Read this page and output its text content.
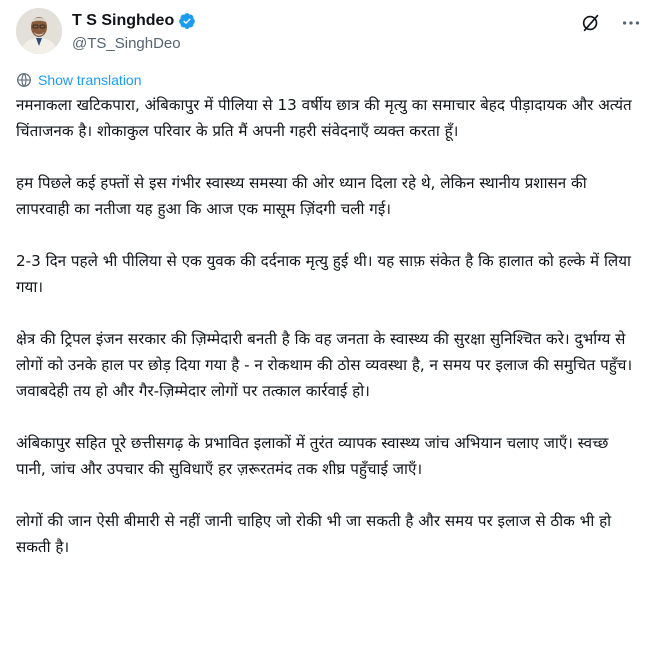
T S Singhdeo
@TS_SinghDeo
Show translation

नमनाकला खटिकपारा, अंबिकापुर में पीलिया से 13 वर्षीय छात्र की मृत्यु का समाचार बेहद पीड़ादायक और अत्यंत चिंताजनक है। शोकाकुल परिवार के प्रति मैं अपनी गहरी संवेदनाएँ व्यक्त करता हूँ।

हम पिछले कई हफ्तों से इस गंभीर स्वास्थ्य समस्या की ओर ध्यान दिला रहे थे, लेकिन स्थानीय प्रशासन की लापरवाही का नतीजा यह हुआ कि आज एक मासूम ज़िंदगी चली गई।

2-3 दिन पहले भी पीलिया से एक युवक की दर्दनाक मृत्यु हुई थी। यह साफ़ संकेत है कि हालात को हल्के में लिया गया।

क्षेत्र की ट्रिपल इंजन सरकार की ज़िम्मेदारी बनती है कि वह जनता के स्वास्थ्य की सुरक्षा सुनिश्चित करे। दुर्भाग्य से लोगों को उनके हाल पर छोड़ दिया गया है - न रोकथाम की ठोस व्यवस्था है, न समय पर इलाज की समुचित पहुँच। जवाबदेही तय हो और गैर-ज़िम्मेदार लोगों पर तत्काल कार्रवाई हो।

अंबिकापुर सहित पूरे छत्तीसगढ़ के प्रभावित इलाकों में तुरंत व्यापक स्वास्थ्य जांच अभियान चलाए जाएँ। स्वच्छ पानी, जांच और उपचार की सुविधाएँ हर ज़रूरतमंद तक शीघ्र पहुँचाई जाएँ।

लोगों की जान ऐसी बीमारी से नहीं जानी चाहिए जो रोकी भी जा सकती है और समय पर इलाज से ठीक भी हो सकती है।
